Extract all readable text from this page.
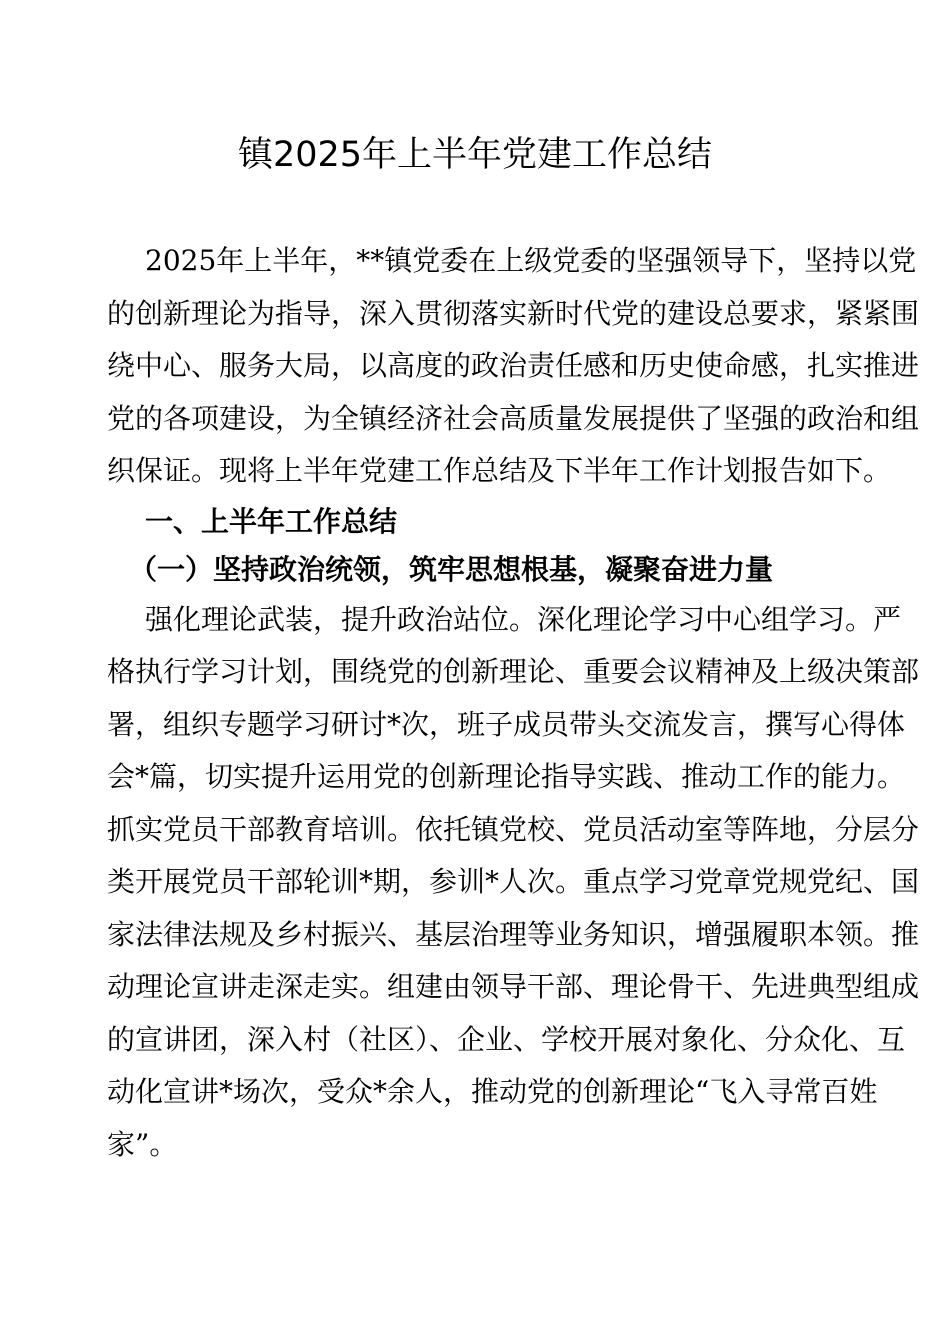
镇2025年上半年党建工作总结
2025年上半年，**镇党委在上级党委的坚强领导下，坚持以党
的创新理论为指导，深入贯彻落实新时代党的建设总要求，紧紧围
绕中心、服务大局，以高度的政治责任感和历史使命感，扎实推进
党的各项建设，为全镇经济社会高质量发展提供了坚强的政治和组
织保证。现将上半年党建工作总结及下半年工作计划报告如下。
一、上半年工作总结
（一）坚持政治统领，筑牢思想根基，凝聚奋进力量
强化理论武装，提升政治站位。深化理论学习中心组学习。严
格执行学习计划，围绕党的创新理论、重要会议精神及上级决策部
署，组织专题学习研讨*次，班子成员带头交流发言，撰写心得体
会*篇，切实提升运用党的创新理论指导实践、推动工作的能力。
抓实党员干部教育培训。依托镇党校、党员活动室等阵地，分层分
类开展党员干部轮训*期，参训*人次。重点学习党章党规党纪、国
家法律法规及乡村振兴、基层治理等业务知识，增强履职本领。推
动理论宣讲走深走实。组建由领导干部、理论骨干、先进典型组成
的宣讲团，深入村（社区）、企业、学校开展对象化、分众化、互
动化宣讲*场次，受众*余人，推动党的创新理论“飞入寻常百姓
家”。
